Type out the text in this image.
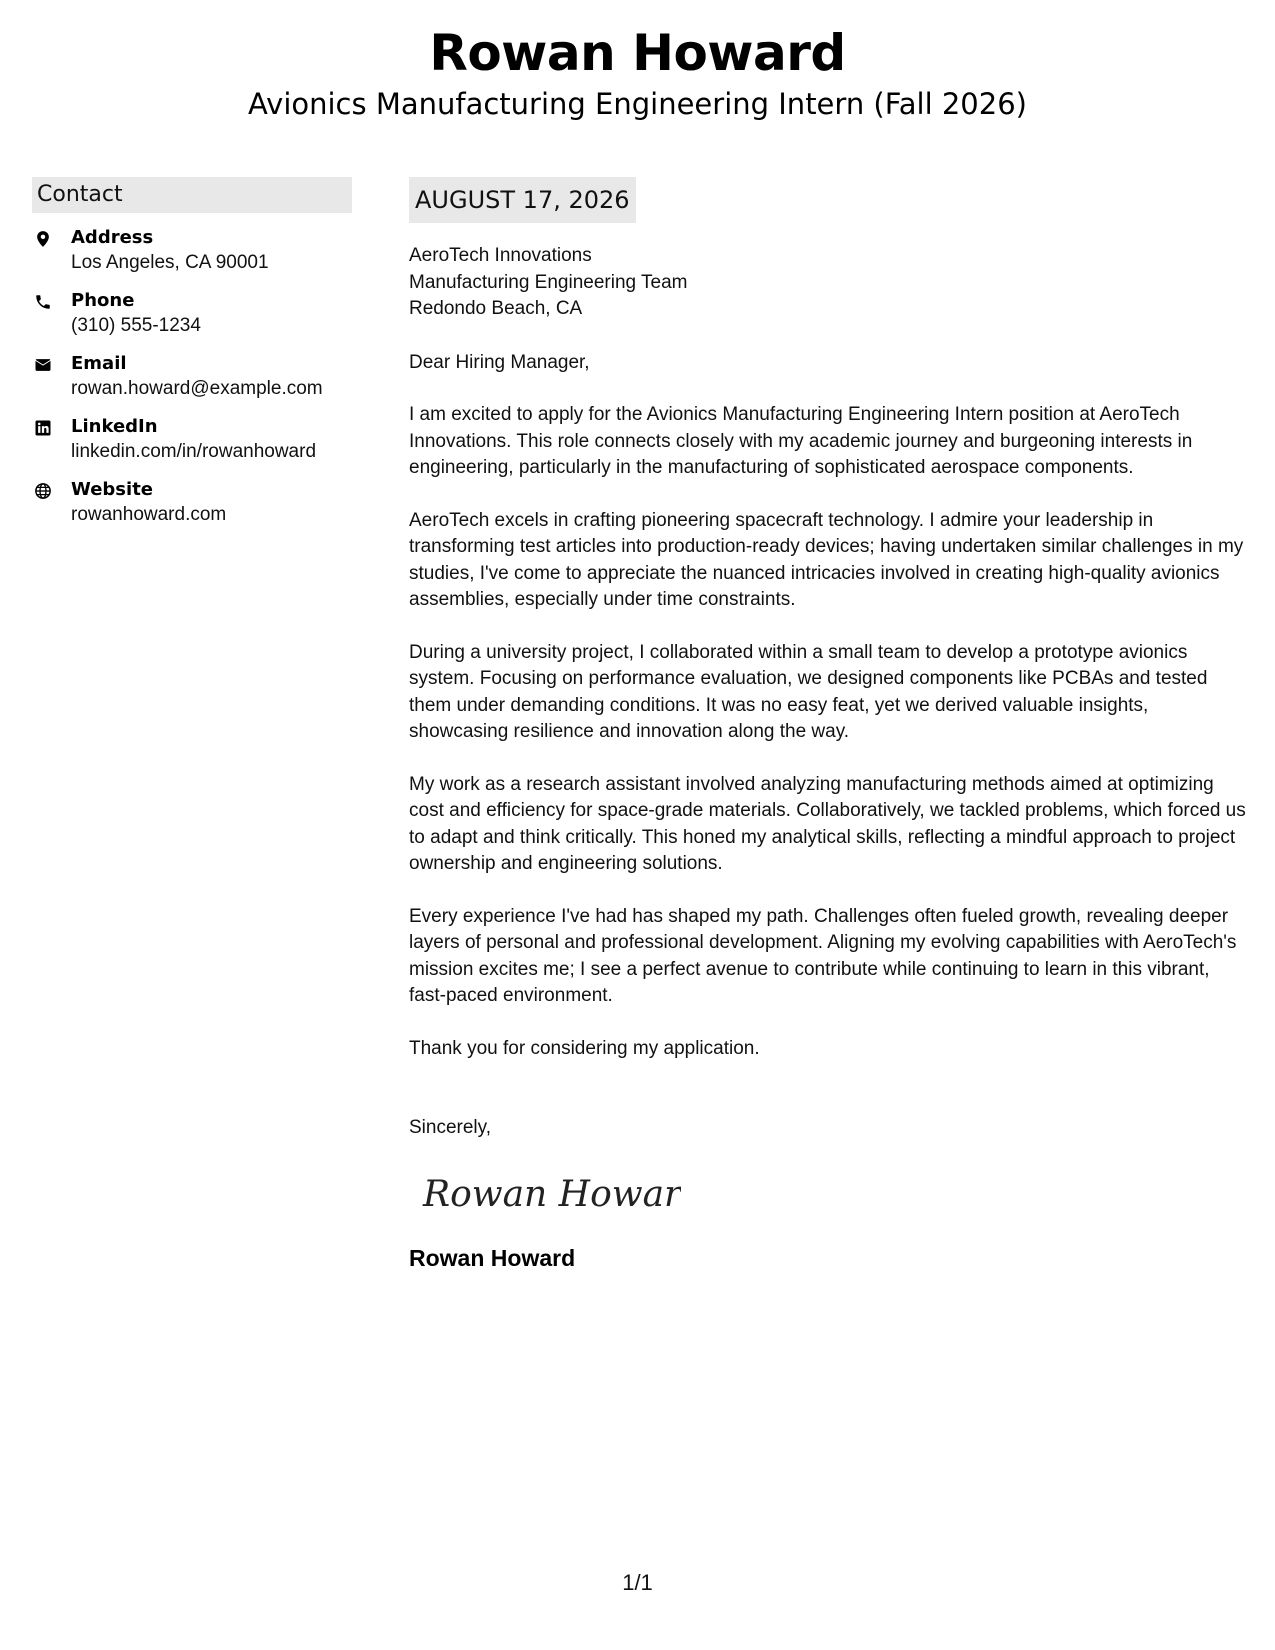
Rowan Howard
Avionics Manufacturing Engineering Intern (Fall 2026)
Contact
Address
Los Angeles, CA 90001
Phone
(310) 555-1234
Email
rowan.howard@example.com
LinkedIn
linkedin.com/in/rowanhoward
Website
rowanhoward.com
AUGUST 17, 2026
AeroTech Innovations
Manufacturing Engineering Team
Redondo Beach, CA
Dear Hiring Manager,
I am excited to apply for the Avionics Manufacturing Engineering Intern position at AeroTech Innovations. This role connects closely with my academic journey and burgeoning interests in engineering, particularly in the manufacturing of sophisticated aerospace components.
AeroTech excels in crafting pioneering spacecraft technology. I admire your leadership in transforming test articles into production-ready devices; having undertaken similar challenges in my studies, I've come to appreciate the nuanced intricacies involved in creating high-quality avionics assemblies, especially under time constraints.
During a university project, I collaborated within a small team to develop a prototype avionics system. Focusing on performance evaluation, we designed components like PCBAs and tested them under demanding conditions. It was no easy feat, yet we derived valuable insights, showcasing resilience and innovation along the way.
My work as a research assistant involved analyzing manufacturing methods aimed at optimizing cost and efficiency for space-grade materials. Collaboratively, we tackled problems, which forced us to adapt and think critically. This honed my analytical skills, reflecting a mindful approach to project ownership and engineering solutions.
Every experience I've had has shaped my path. Challenges often fueled growth, revealing deeper layers of personal and professional development. Aligning my evolving capabilities with AeroTech's mission excites me; I see a perfect avenue to contribute while continuing to learn in this vibrant, fast-paced environment.
Thank you for considering my application.
Sincerely,
Rowan Howard
Rowan Howard
1/1
